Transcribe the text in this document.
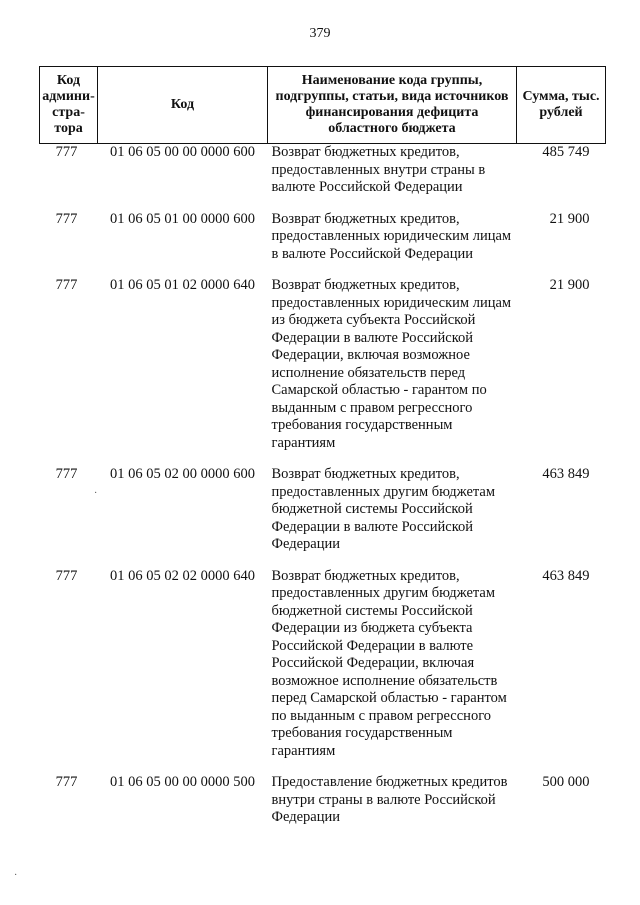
379
Код админи-стра-тора	Код	Наименование кода группы, подгруппы, статьи, вида источников финансирования дефицита областного бюджета	Сумма, тыс. рублей
777	01 06 05 00 00 0000 600	Возврат бюджетных кредитов, предоставленных внутри страны в валюте Российской Федерации	485 749
777	01 06 05 01 00 0000 600	Возврат бюджетных кредитов, предоставленных юридическим лицам в валюте Российской Федерации	21 900
777	01 06 05 01 02 0000 640	Возврат бюджетных кредитов, предоставленных юридическим лицам из бюджета субъекта Российской Федерации в валюте Российской Федерации, включая возможное исполнение обязательств перед Самарской областью - гарантом по выданным с правом регрессного требования государственным гарантиям	21 900
777	01 06 05 02 00 0000 600	Возврат бюджетных кредитов, предоставленных другим бюджетам бюджетной системы Российской Федерации в валюте Российской Федерации	463 849
777	01 06 05 02 02 0000 640	Возврат бюджетных кредитов, предоставленных другим бюджетам бюджетной системы Российской Федерации из бюджета субъекта Российской Федерации в валюте Российской Федерации, включая возможное исполнение обязательств перед Самарской областью - гарантом по выданным с правом регрессного требования государственным гарантиям	463 849
777	01 06 05 00 00 0000 500	Предоставление бюджетных кредитов внутри страны в валюте Российской Федерации	500 000
·
·
